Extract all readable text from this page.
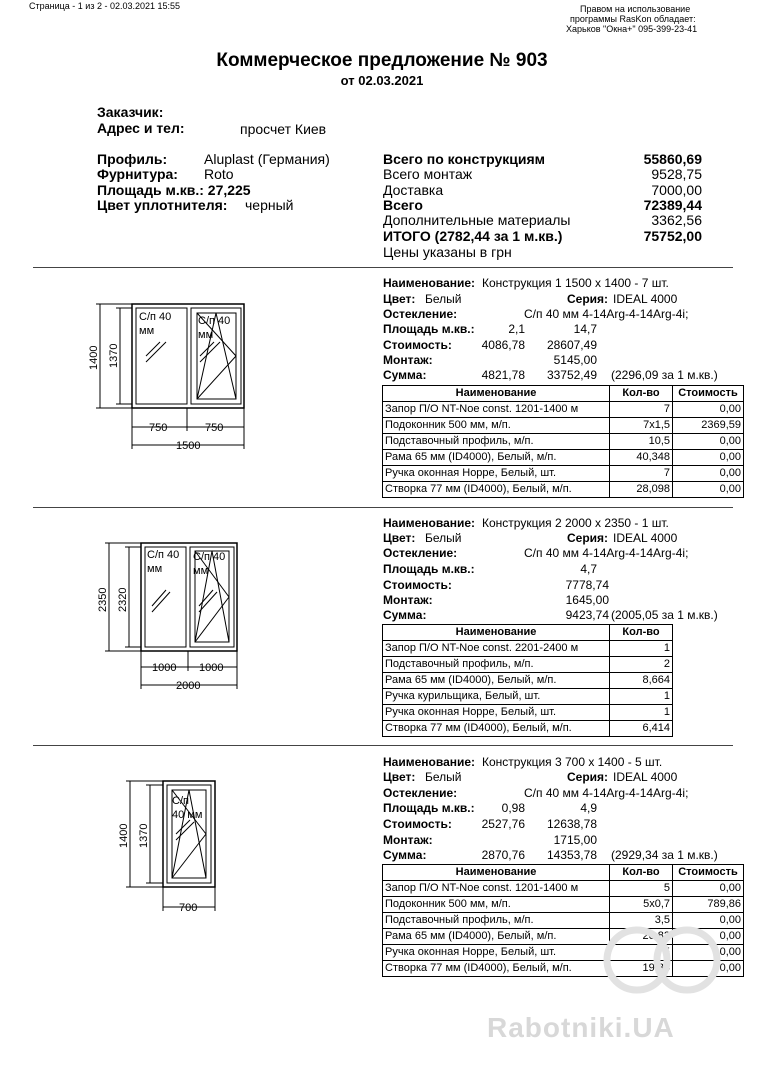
Страница - 1 из 2 - 02.03.2021 15:55	Правом на использование
программы RasKon обладает:
Харьков "Окна+" 095-399-23-41
Коммерческое предложение № 903
от 02.03.2021
Заказчик:
Адрес и тел:	просчет Киев
Профиль:	Aluplast (Германия)
Фурнитура: Roto
Площадь м.кв.: 27,225
Цвет уплотнителя: черный
Всего по конструкциям	55860,69
Всего монтаж	9528,75
Доставка	7000,00
Всего	72389,44
Дополнительные материалы	3362,56
ИТОГО (2782,44 за 1 м.кв.)	75752,00
Цены указаны в грн
Наименование: Конструкция 1 1500 x 1400 - 7 шт.
Цвет: Белый	Серия: IDEAL 4000
Остекление:	С/п 40 мм 4-14Arg-4-14Arg-4i;
Площадь м.кв.:	2,1	14,7
Стоимость:	4086,78	28607,49
Монтаж:	5145,00
Сумма:	4821,78	33752,49 (2296,09 за 1 м.кв.)
Наименование	Кол-во	Стоимость
Запор П/О NT-Noe const. 1201-1400 м	7	0,00
Подоконник 500 мм, м/п.	7x1,5	2369,59
Подставочный профиль, м/п.	10,5	0,00
Рама 65 мм (ID4000), Белый, м/п.	40,348	0,00
Ручка оконная Hoppe, Белый, шт.	7	0,00
Створка 77 мм (ID4000), Белый, м/п.	28,098	0,00
Наименование: Конструкция 2 2000 x 2350 - 1 шт.
Цвет: Белый	Серия: IDEAL 4000
Остекление:	С/п 40 мм 4-14Arg-4-14Arg-4i;
Площадь м.кв.:	4,7
Стоимость:	7778,74
Монтаж:	1645,00
Сумма:	9423,74 (2005,05 за 1 м.кв.)
Наименование	Кол-во
Запор П/О NT-Noe const. 2201-2400 м	1
Подставочный профиль, м/п.	2
Рама 65 мм (ID4000), Белый, м/п.	8,664
Ручка курильщика, Белый, шт.	1
Ручка оконная Hoppe, Белый, шт.	1
Створка 77 мм (ID4000), Белый, м/п.	6,414
Наименование: Конструкция 3 700 x 1400 - 5 шт.
Цвет: Белый	Серия: IDEAL 4000
Остекление:	С/п 40 мм 4-14Arg-4-14Arg-4i;
Площадь м.кв.:	0,98	4,9
Стоимость:	2527,76	12638,78
Монтаж:	1715,00
Сумма:	2870,76	14353,78 (2929,34 за 1 м.кв.)
Наименование	Кол-во	Стоимость
Запор П/О NT-Noe const. 1201-1400 м	5	0,00
Подоконник 500 мм, м/п.	5x0,7	789,86
Подставочный профиль, м/п.	3,5	0,00
Рама 65 мм (ID4000), Белый, м/п.	20,82	0,00
Ручка оконная Hoppe, Белый, шт.	5	0,00
Створка 77 мм (ID4000), Белый, м/п.	19,34	0,00
С/п 40
мм
С/п 40
мм
1400 1370
750	750
1500
С/п 40
мм
С/п 40
мм
2350 2320
1000 1000
2000
С/п
40 мм
1400 1370
700
Rabotniki.UA
